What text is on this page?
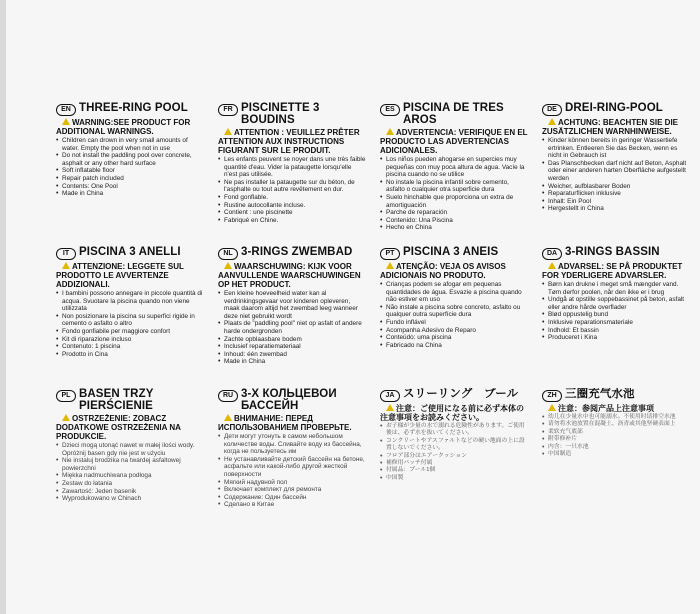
EN THREE-RING POOL
WARNING:SEE PRODUCT FOR ADDITIONAL WARNINGS.
• Children can drown in very small amounts of water. Empty the pool when not in use
• Do not install the paddling pool over concrete, asphalt or any other hard surface
• Soft inflatable floor
• Repair patch included
• Contents: One Pool
• Made in China
FR PISCINETTE 3 BOUDINS
ATTENTION : VEUILLEZ PRÊTER ATTENTION AUX INSTRUCTIONS FIGURANT SUR LE PRODUIT.
• Les enfants peuvent se noyer dans une très faible quantité d'eau. Vider la pataugette lorsqu'elle n'est pas utilisée.
• Ne pas installer la pataugette sur du béton, de l'asphalte ou tout autre revêtement en dur.
• Fond gonflable.
• Rustine autocollante incluse.
• Contient : une piscinette
• Fabriqué en Chine.
ES PISCINA DE TRES AROS
ADVERTENCIA: VERIFIQUE EN EL PRODUCTO LAS ADVERTENCIAS ADICIONALES.
• Los niños pueden ahogarse en supercies muy pequeñas con muy poca altura de agua. Vacíe la piscina cuando no se utilice
• No instale la piscina infantil sobre cemento, asfalto o cualquier otra superficie dura
• Suelo hinchable que proporciona un extra de amortiguación
• Parche de reparación
• Contenido: Una Piscina
• Hecho en China
DE DREI-RING-POOL
ACHTUNG: BEACHTEN SIE DIE ZUSÄTZLICHEN WARNHINWEISE.
• Kinder können bereits in geringer Wassertiefe ertrinken. Entleeren Sie das Becken, wenn es nicht in Gebrauch ist
• Das Planschbecken darf nicht auf Beton, Asphalt oder einer anderen harten Oberfläche aufgestellt werden
• Weicher, aufblasbarer Boden
• Reparaturflicken inklusive
• Inhalt: Ein Pool
• Hergestellt in China
IT PISCINA 3 ANELLI
ATTENZIONE: LEGGETE SUL PRODOTTO LE AVVERTENZE ADDIZIONALI.
• I bambini possono annegare in piccole quantità di acqua. Svuotare la piscina quando non viene utilizzata
• Non posizionare la piscina su superfici rigide in cemento o asfalto o altro
• Fondo gonfiabile per maggiore confort
• Kit di riparazione incluso
• Contenuto: 1 piscina
• Prodotto in Cina
NL 3-RINGS ZWEMBAD
WAARSCHUWING: KIJK VOOR AANVULLENDE WAARSCHUWINGEN OP HET PRODUCT.
• Een kleine hoeveelheid water kan al verdrinkingsgevaar voor kinderen opleveren, maak daarom altijd het zwembad leeg wanneer deze niet gebruikt wordt
• Plaats de "paddling pool" niet op asfalt of andere harde ondergronden
• Zachte opblaasbare bodem
• Inclusief reparatiemateriaal
• Inhoud: één zwembad
• Made in China
PT PISCINA 3 ANÉIS
ATENÇÃO: VEJA OS AVISOS ADICIONAIS NO PRODUTO.
• Crianças podem se afogar em pequenas quantidades de água. Esvazie a piscina quando não estiver em uso
• Não instale a piscina sobre concreto, asfalto ou qualquer outra superfície dura
• Fundo inflável
• Acompanha Adesivo de Reparo
• Conteúdo: uma piscina
• Fabricado na China
DA 3-RINGS BASSIN
ADVARSEL: SE PÅ PRODUKTET FOR YDERLIGERE ADVARSLER.
• Børn kan drukne i meget små mængder vand. Tøm derfor poolen, når den ikke er i brug
• Undgå at opstille soppebassinet på beton, asfalt eller andre hårde overflader
• Blød oppustelig bund
• Inklusive reparationsmateriale
• Indhold: Et bassin
• Produceret i Kina
PL BASEN TRZY PIERŚCIENIE
OSTRZEŻENIE: ZOBACZ DODATKOWE OSTRZEŻENIA NA PRODUKCIE.
• Dzieci mogą utonąć nawet w małej ilości wody. Opróżnij basen gdy nie jest w użyciu
• Nie instaluj brodzika na twardej asfaltowej powierzchni
• Miękka nadmuchiwana podłoga
• Zestaw do łatania
• Zawartość: Jeden basenik
• Wyprodukowano w Chinach
RU 3-Х КОЛЬЦЕВОЙ БАССЕЙН
ВНИМАНИЕ: ПЕРЕД ИСПОЛЬЗОВАНИЕМ ПРОВЕРЬТЕ.
• Дети могут утонуть в самом небольшом количестве воды. Сливайте воду из бассейна, когда не пользуетесь им
• Не устанавливайте детский бассейн на бетоне, асфальте или какой-либо другой жесткой поверхности
• Мягкий надувной пол
• Включает комплект для ремонта
• Содержание: Один бассейн
• Сделано в Китае
JA スリーリング　プール
注意：ご使用になる前に必ず本体の注意事項をお読みください。
• お子様が少量の水で溺れる危険性があります。ご使用後は、必ず水を抜いてください。
• コンクリートやアスファルトなどの硬い地面の上に設置しないでください。
• フロア部分はエアークッション
• 補修用パッチ付属
• 付属品：プール1個
• 中国製
ZH 三圈充气水池
注意：参阅产品上注意事项
• 幼儿在少量水中也可能溺水。不使用时请排空水池
• 请勿将水池放置在混凝土、沥青或其他坚硬表面上
• 柔软充气底部
• 附带修补片
• 内含：一只水池
• 中国制造
